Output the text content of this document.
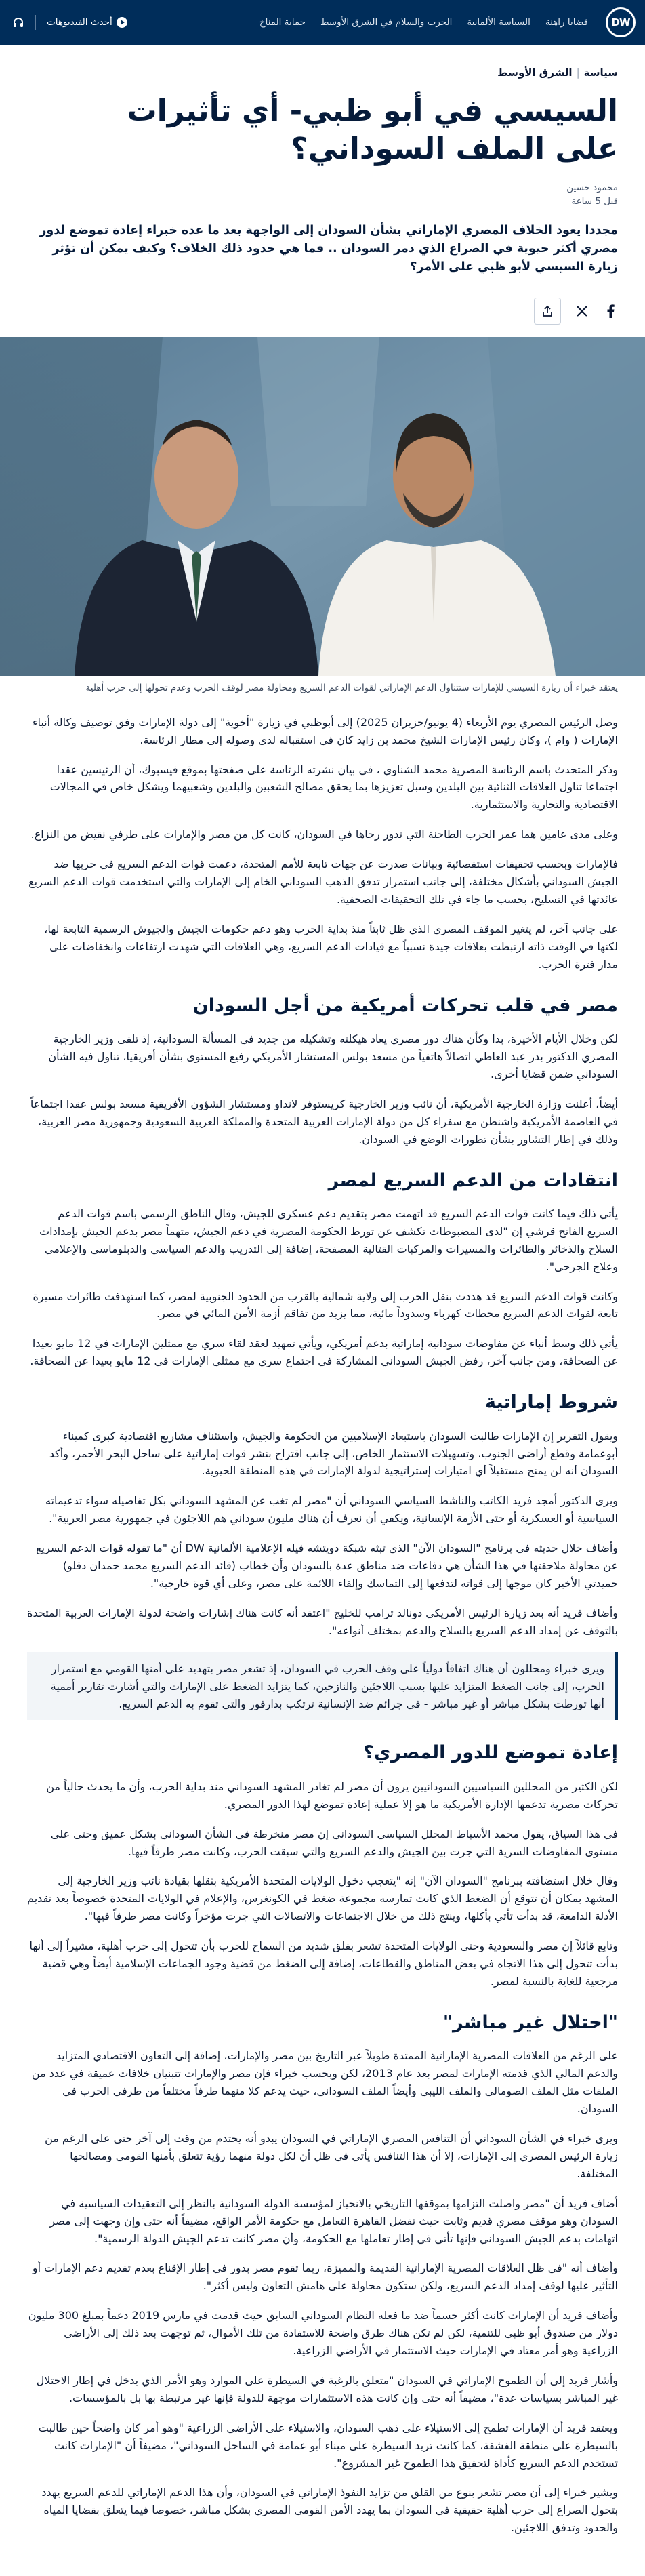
DW
قضايا راهنة
السياسة الألمانية
الحرب والسلام في الشرق الأوسط
حماية المناخ
أحدث الفيديوهات
سياسة
|
الشرق الأوسط
السيسي في أبو ظبي- أي تأثيرات على الملف السوداني؟
محمود حسين
قبل 5 ساعة

مجددا يعود الخلاف المصري الإماراتي بشأن السودان إلى الواجهة بعد ما عده خبراء إعادة تموضع لدور مصري أكثر حيوية في الصراع الذي دمر السودان .. فما هي حدود ذلك الخلاف؟ وكيف يمكن أن تؤثر زيارة السيسي لأبو ظبي على الأمر؟

يعتقد خبراء أن زيارة السيسي للإمارات ستتناول الدعم الإماراتي لقوات الدعم السريع ومحاولة مصر لوقف الحرب وعدم تحولها إلى حرب أهلية

وصل الرئيس المصري يوم الأربعاء (4 يونيو/حزيران 2025) إلى أبوظبي في زيارة "أخوية" إلى دولة الإمارات وفق توصيف وكالة أنباء الإمارات ( وام )، وكان رئيس الإمارات الشيخ محمد بن زايد كان في استقباله لدى وصوله إلى مطار الرئاسة.

وذكر المتحدث باسم الرئاسة المصرية محمد الشناوي ، في بيان نشرته الرئاسة على صفحتها بموقع فيسبوك، أن الرئيسين عقدا اجتماعا تناول العلاقات الثنائية بين البلدين وسبل تعزيزها بما يحقق مصالح الشعبين والبلدين وشعبيهما ويشكل خاص في المجالات الاقتصادية والتجارية والاستثمارية.

وعلى مدى عامين هما عمر الحرب الطاحنة التي تدور رحاها في السودان، كانت كل من مصر والإمارات على طرفي نقيض من النزاع.

فالإمارات وبحسب تحقيقات استقصائية وبيانات صدرت عن جهات تابعة للأمم المتحدة، دعمت قوات الدعم السريع في حربها ضد الجيش السوداني بأشكال مختلفة، إلى جانب استمرار تدفق الذهب السوداني الخام إلى الإمارات والتي استخدمت قوات الدعم السريع عائدتها في التسليح، بحسب ما جاء في تلك التحقيقات الصحفية.

على جانب آخر، لم يتغير الموقف المصري الذي ظل ثابتاً منذ بداية الحرب وهو دعم حكومات الجيش والجيوش الرسمية التابعة لها، لكنها في الوقت ذاته ارتبطت بعلاقات جيدة نسبياً مع قيادات الدعم السريع، وهي العلاقات التي شهدت ارتفاعات وانخفاضات على مدار فترة الحرب.

مصر في قلب تحركات أمريكية من أجل السودان

لكن وخلال الأيام الأخيرة، بدا وكأن هناك دور مصري يعاد هيكلته وتشكيله من جديد في المسألة السودانية، إذ تلقى وزير الخارجية المصري الدكتور بدر عبد العاطي اتصالاً هاتفياً من مسعد بولس المستشار الأمريكي رفيع المستوى بشأن أفريقيا، تناول فيه الشأن السوداني ضمن قضايا أخرى.

أيضاً، أعلنت وزارة الخارجية الأمريكية، أن نائب وزير الخارجية كريستوفر لانداو ومستشار الشؤون الأفريقية مسعد بولس عقدا اجتماعاً في العاصمة الأمريكية واشنطن مع سفراء كل من دولة الإمارات العربية المتحدة والمملكة العربية السعودية وجمهورية مصر العربية، وذلك في إطار التشاور بشأن تطورات الوضع في السودان.

انتقادات من الدعم السريع لمصر

يأتي ذلك فيما كانت قوات الدعم السريع قد اتهمت مصر بتقديم دعم عسكري للجيش، وقال الناطق الرسمي باسم قوات الدعم السريع الفاتح قرشي إن "لدى المضبوطات تكشف عن تورط الحكومة المصرية في دعم الجيش، متهماً مصر بدعم الجيش بإمدادات السلاح والذخائر والطائرات والمسيرات والمركبات القتالية المصفحة، إضافة إلى التدريب والدعم السياسي والدبلوماسي والإعلامي وعلاج الجرحى".

وكانت قوات الدعم السريع قد هددت بنقل الحرب إلى ولاية شمالية بالقرب من الحدود الجنوبية لمصر، كما استهدفت طائرات مسيرة تابعة لقوات الدعم السريع محطات كهرباء وسدوداً مائية، مما يزيد من تفاقم أزمة الأمن المائي في مصر.

يأتي ذلك وسط أنباء عن مفاوضات سودانية إماراتية بدعم أمريكي، ويأتي تمهيد لعقد لقاء سري مع ممثلين الإمارات في 12 مايو بعيدا عن الصحافة، ومن جانب آخر، رفض الجيش السوداني المشاركة في اجتماع سري مع ممثلي الإمارات في 12 مايو بعيدا عن الصحافة.

شروط إماراتية

ويقول التقرير إن الإمارات طالبت السودان باستبعاد الإسلاميين من الحكومة والجيش، واستئناف مشاريع اقتصادية كبرى كميناء أبوعمامة وقطع أراضي الجنوب، وتسهيلات الاستثمار الخاص، إلى جانب اقتراح بنشر قوات إماراتية على ساحل البحر الأحمر، وأكد السودان أنه لن يمنح مستقبلاً أي امتيازات إستراتيجية لدولة الإمارات في هذه المنطقة الحيوية.

ويرى الدكتور أمجد فريد الكاتب والناشط السياسي السوداني أن "مصر لم تغب عن المشهد السوداني بكل تفاصيله سواء تدعيماته السياسية أو العسكرية أو حتى الأزمة الإنسانية، ويكفي أن نعرف أن هناك مليون سوداني هم اللاجئون في جمهورية مصر العربية".

وأضاف خلال حديثه في برنامج "السودان الآن" الذي تبثه شبكة دويتشه فيله الإعلامية الألمانية DW أن "ما تقوله قوات الدعم السريع عن محاولة ملاحقتها في هذا الشأن هي دفاعات ضد مناطق عدة بالسودان وأن خطاب (قائد الدعم السريع محمد حمدان دقلو) حميدتي الأخير كان موجها إلى قواته لتدفعها إلى التماسك وإلقاء اللائمة على مصر، وعلى أي قوة خارجية".

وأضاف فريد أنه بعد زيارة الرئيس الأمريكي دونالد ترامب للخليج "اعتقد أنه كانت هناك إشارات واضحة لدولة الإمارات العربية المتحدة بالتوقف عن إمداد الدعم السريع بالسلاح والدعم بمختلف أنواعه".

ويرى خبراء ومحللون أن هناك اتفاقاً دولياً على وقف الحرب في السودان، إذ تشعر مصر بتهديد على أمنها القومي مع استمرار الحرب، إلى جانب الضغط المتزايد عليها بسبب اللاجئين والنازحين، كما يتزايد الضغط على الإمارات والتي أشارت تقارير أممية أنها تورطت بشكل مباشر أو غير مباشر - في جرائم ضد الإنسانية ترتكب بدارفور والتي تقوم به الدعم السريع.

إعادة تموضع للدور المصري؟

لكن الكثير من المحللين السياسيين السودانيين يرون أن مصر لم تغادر المشهد السوداني منذ بداية الحرب، وأن ما يحدث حالياً من تحركات مصرية تدعمها الإدارة الأمريكية ما هو إلا عملية إعادة تموضع لهذا الدور المصري.

في هذا السياق، يقول محمد الأسباط المحلل السياسي السوداني إن مصر منخرطة في الشأن السوداني بشكل عميق وحتى على مستوى المفاوضات السرية التي جرت بين الجيش والدعم السريع والتي سبقت الحرب، وكانت مصر طرفاً فيها.

وقال خلال استضافته ببرنامج "السودان الآن" إنه "يتعجب دخول الولايات المتحدة الأمريكية بثقلها بقيادة نائب وزير الخارجية إلى المشهد بمكان أن تتوقع أن الضغط الذي كانت تمارسه مجموعة ضغط في الكونغرس، والإعلام في الولايات المتحدة خصوصاً بعد تقديم الأدلة الدامغة، قد بدأت تأتي بأكلها، وينتج ذلك من خلال الاجتماعات والاتصالات التي جرت مؤخراً وكانت مصر طرفاً فيها".

وتابع قائلاً إن مصر والسعودية وحتى الولايات المتحدة تشعر بقلق شديد من السماح للحرب بأن تتحول إلى حرب أهلية، مشيراً إلى أنها بدأت تتحول إلى هذا الاتجاه في بعض المناطق والقطاعات، إضافة إلى الضغط من قضية وجود الجماعات الإسلامية أيضاً وهي قضية مرجعية للغاية بالنسبة لمصر.

"احتلال غير مباشر"

على الرغم من العلاقات المصرية الإماراتية الممتدة طويلاً عبر التاريخ بين مصر والإمارات، إضافة إلى التعاون الاقتصادي المتزايد والدعم المالي الذي قدمته الإمارات لمصر بعد عام 2013، لكن وبحسب خبراء فإن مصر والإمارات تتبنيان خلافات عميقة في عدد من الملفات مثل الملف الصومالي والملف الليبي وأيضاً الملف السوداني، حيث يدعم كلا منهما طرفاً مختلفاً من طرفي الحرب في السودان.

ويرى خبراء في الشأن السوداني أن التنافس المصري الإماراتي في السودان يبدو أنه يحتدم من وقت إلى آخر حتى على الرغم من زيارة الرئيس المصري إلى الإمارات، إلا أن هذا التنافس يأتي في ظل أن لكل دولة منهما رؤية تتعلق بأمنها القومي ومصالحها المختلفة.

أضاف فريد أن "مصر واصلت التزامها بموقفها التاريخي بالانحياز لمؤسسة الدولة السودانية بالنظر إلى التعقيدات السياسية في السودان وهو موقف مصري قديم وثابت حيث تفضل القاهرة التعامل مع حكومة الأمر الواقع، مضيفاً أنه حتى وإن وجهت إلى مصر اتهامات بدعم الجيش السوداني فإنها تأتي في إطار تعاملها مع الحكومة، وأن مصر كانت تدعم الجيش الدولة الرسمية".

وأضاف أنه "في ظل العلاقات المصرية الإماراتية القديمة والمميزة، ربما تقوم مصر بدور في إطار الإقناع بعدم تقديم دعم الإمارات أو التأثير عليها لوقف إمداد الدعم السريع، ولكن ستكون محاولة على هامش التعاون وليس أكثر".

وأضاف فريد أن الإمارات كانت أكثر حسماً ضد ما فعله النظام السوداني السابق حيث قدمت في مارس 2019 دعماً بمبلغ 300 مليون دولار من صندوق أبو ظبي للتنمية، لكن لم تكن هناك طرق واضحة للاستفادة من تلك الأموال، ثم توجهت بعد ذلك إلى الأراضي الزراعية وهو أمر معتاد في الإمارات حيث الاستثمار في الأراضي الزراعية.

وأشار فريد إلى أن الطموح الإماراتي في السودان "متعلق بالرغبة في السيطرة على الموارد وهو الأمر الذي يدخل في إطار الاحتلال غير المباشر بسياسات عدة"، مضيفاً أنه حتى وإن كانت هذه الاستثمارات موجهة للدولة فإنها غير مرتبطة بها بل بالمؤسسات.

ويعتقد فريد أن الإمارات تطمح إلى الاستيلاء على ذهب السودان، والاستيلاء على الأراضي الزراعية "وهو أمر كان واضحاً حين طالبت بالسيطرة على منطقة الفشقة، كما كانت تريد السيطرة على ميناء أبو عمامة في الساحل السوداني"، مضيفاً أن "الإمارات كانت تستخدم الدعم السريع كأداة لتحقيق هذا الطموح غير المشروع".

ويشير خبراء إلى أن مصر تشعر بنوع من القلق من تزايد النفوذ الإماراتي في السودان، وأن هذا الدعم الإماراتي للدعم السريع يهدد بتحول الصراع إلى حرب أهلية حقيقية في السودان بما يهدد الأمن القومي المصري بشكل مباشر، خصوصا فيما يتعلق بقضايا المياه والحدود وتدفق اللاجئين.
